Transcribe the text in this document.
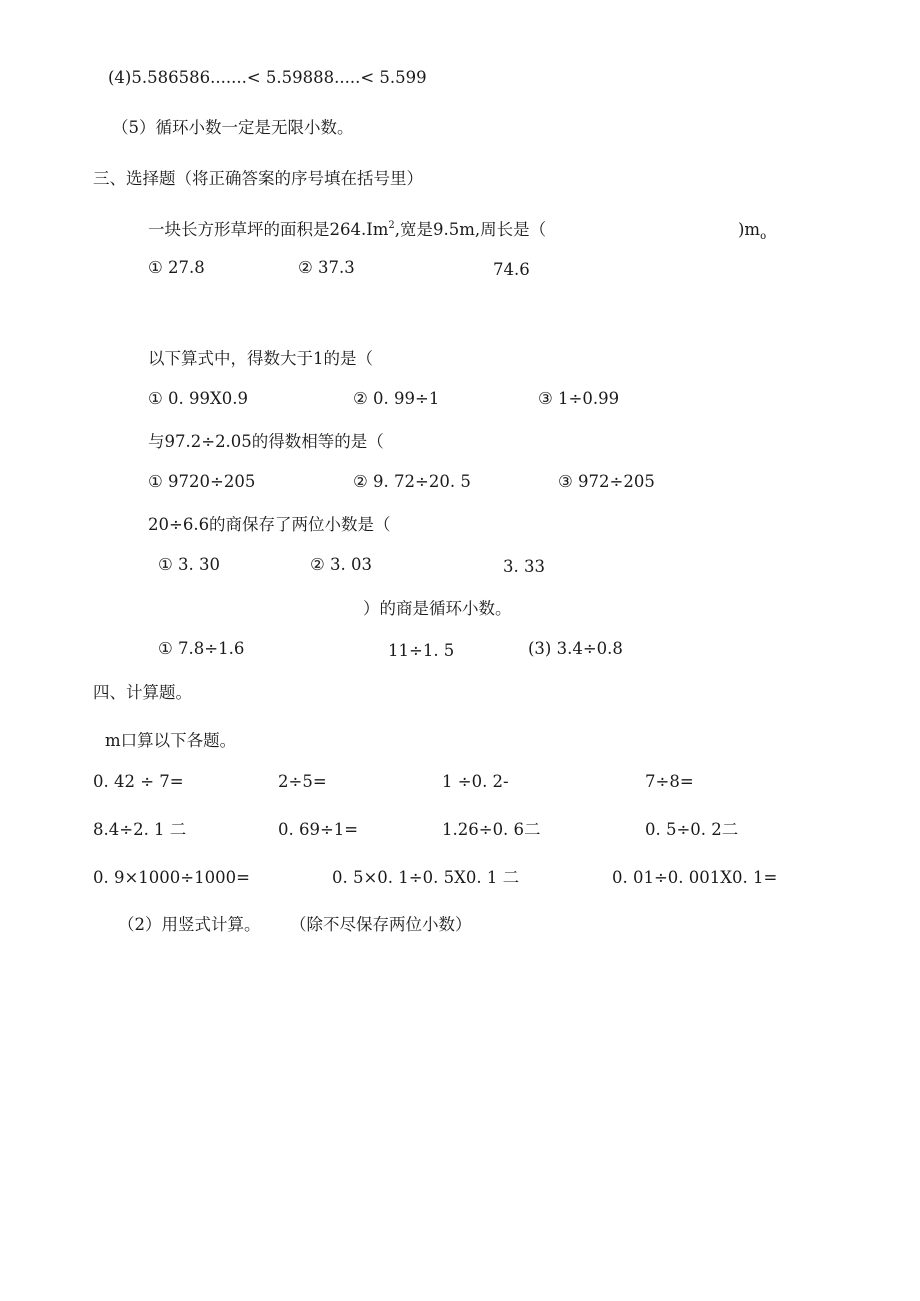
(4)5.586586.......< 5.59888.....< 5.599
（5）循环小数一定是无限小数。
三、选择题（将正确答案的序号填在括号里）
一块长方形草坪的面积是264.Im$^2$,宽是9.5m,周长是（	)$m_o$
① 27.8	② 37.3	74.6
以下算式中，得数大于1的是（
① 0. 99X0.9	② 0. 99÷1	③ 1÷0.99
与97.2÷2.05的得数相等的是（
① 9720÷205	② 9. 72÷20. 5	③ 972÷205
20÷6.6的商保存了两位小数是（
① 3. 30	② 3. 03	3. 33
）的商是循环小数。
① 7.8÷1.6	11÷1. 5	(3) 3.4÷0.8
四、计算题。
m口算以下各题。
0. 42 ÷ 7=	2÷5=	1 ÷0. 2-	7÷8=
8.4÷2. 1 二	0. 69÷1=	1.26÷0. 6二	0. 5÷0. 2二
0. 9×1000÷1000=	0. 5×0. 1÷0. 5X0. 1 二	0. 01÷0. 001X0. 1=
（2）用竖式计算。 （除不尽保存两位小数）
